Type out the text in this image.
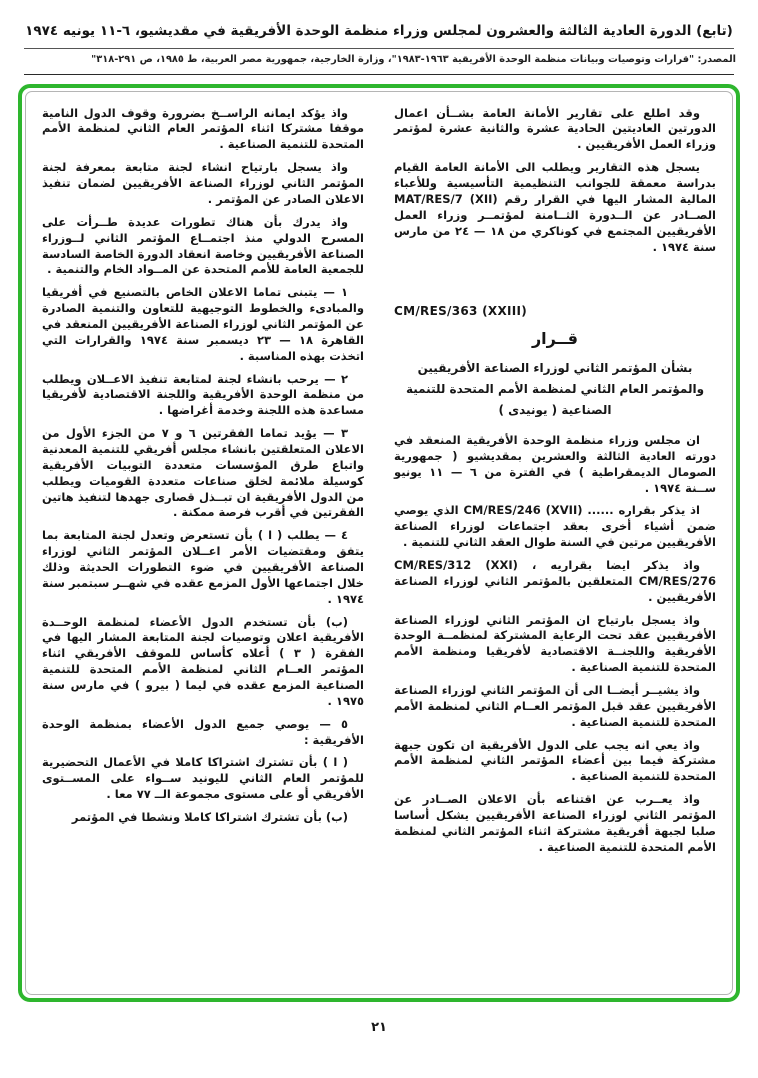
(تابع) الدورة العادية الثالثة والعشرون لمجلس وزراء منظمة الوحدة الأفريقية في مقديشيو، ٦-١١ يونيه ١٩٧٤
المصدر: "قرارات وتوصيات وبيانات منظمة الوحدة الأفريقية ١٩٦٣-١٩٨٣"، وزارة الخارجية، جمهورية مصر العربية، ط ١٩٨٥، ص ٢٩١-٣١٨"

وقد اطلع على تقارير الأمانة العامة بشــأن اعمال الدورتين العاديتين الحادية عشرة والثانية عشرة لمؤتمر وزراء العمل الأفريقيين .

يسجل هذه التقارير ويطلب الى الأمانة العامة القيام بدراسة معمقة للجوانب التنظيمية التأسيسية وللأعباء المالية المشار اليها في القرار رقم MAT/RES/7 (XII) الصــادر عن الــدورة الثــامنة لمؤتمــر وزراء العمل الأفريقيين المجتمع في كوناكري من ١٨ — ٢٤ من مارس سنة ١٩٧٤ .

CM/RES/363 (XXIII)
قــرار
بشأن المؤتمر الثاني لوزراء الصناعة الأفريقيين والمؤتمر العام الثاني لمنظمة الأمم المتحدة للتنمية الصناعية ( يونيدى )

ان مجلس وزراء منظمة الوحدة الأفريقية المنعقد في دورته العادية الثالثة والعشرين بمقديشيو ( جمهورية الصومال الديمقراطية ) في الفترة من ٦ — ١١ يونيو ســنة ١٩٧٤ .

اذ يذكر بقراره ...... CM/RES/246 (XVII) الذي يوصي ضمن أشياء أخرى بعقد اجتماعات لوزراء الصناعة الأفريقيين مرتين في السنة طوال العقد الثاني للتنمية .

واذ يذكر ايضا بقراريه CM/RES/312 (XXI) ، CM/RES/276 المتعلقين بالمؤتمر الثاني لوزراء الصناعة الأفريقيين .

واذ يسجل بارتياح ان المؤتمر الثاني لوزراء الصناعة الأفريقيين عقد تحت الرعاية المشتركة لمنظمــة الوحدة الأفريقية واللجنــة الاقتصادية لأفريقيا ومنظمة الأمم المتحدة للتنمية الصناعية .

واذ يشيــر أيضــا الى أن المؤتمر الثاني لوزراء الصناعة الأفريقيين عقد قبل المؤتمر العــام الثاني لمنظمة الأمم المتحدة للتنمية الصناعية .

واذ يعي انه يجب على الدول الأفريقية ان تكون جبهة مشتركة فيما بين أعضاء المؤتمر الثاني لمنظمة الأمم المتحدة للتنمية الصناعية .

واذ يعــرب عن اقتناعه بأن الاعلان الصــادر عن المؤتمر الثاني لوزراء الصناعة الأفريقيين يشكل أساسا صلبا لجبهة أفريقية مشتركة اثناء المؤتمر الثاني لمنظمة الأمم المتحدة للتنمية الصناعية .

واذ يؤكد ايمانه الراســخ بضرورة وقوف الدول النامية موقفا مشتركا اثناء المؤتمر العام الثاني لمنظمة الأمم المتحدة للتنمية الصناعية .

واذ يسجل بارتياح انشاء لجنة متابعة بمعرفة لجنة المؤتمر الثاني لوزراء الصناعة الأفريقيين لضمان تنفيذ الاعلان الصادر عن المؤتمر .

واذ يدرك بأن هناك تطورات عديدة طــرأت على المسرح الدولي منذ اجتمــاع المؤتمر الثاني لــوزراء الصناعة الأفريقيين وخاصة انعقاد الدورة الخاصة السادسة للجمعية العامة للأمم المتحدة عن المــواد الخام والتنمية .

١ — يتبنى تماما الاعلان الخاص بالتصنيع في أفريقيا والمبادىء والخطوط التوجيهية للتعاون والتنمية الصادرة عن المؤتمر الثاني لوزراء الصناعة الأفريقيين المنعقد في القاهرة ١٨ — ٢٣ ديسمبر سنة ١٩٧٤ والقرارات التي اتخذت بهذه المناسبة .

٢ — يرحب بانشاء لجنة لمتابعة تنفيذ الاعــلان ويطلب من منظمة الوحدة الأفريقية واللجنة الاقتصادية لأفريقيا مساعدة هذه اللجنة وخدمة أغراضها .

٣ — يؤيد تماما الفقرتين ٦ و ٧ من الجزء الأول من الاعلان المتعلقتين بانشاء مجلس أفريقي للتنمية المعدنية واتباع طرق المؤسسات متعددة التوبيات الأفريقية كوسيلة ملائمة لخلق صناعات متعددة القوميات ويطلب من الدول الأفريقية ان تبــذل قصارى جهدها لتنفيذ هاتين الفقرتين في أقرب فرصة ممكنة .

٤ — يطلب ( ا ) بأن تستعرض وتعدل لجنة المتابعة بما يتفق ومقتضيات الأمر اعــلان المؤتمر الثاني لوزراء الصناعة الأفريقيين في ضوء التطورات الحديثة وذلك خلال اجتماعها الأول المزمع عقده في شهــر سبتمبر سنة ١٩٧٤ .

(ب) بأن تستخدم الدول الأعضاء لمنظمة الوحــدة الأفريقية اعلان وتوصيات لجنة المتابعة المشار اليها في الفقرة ( ٣ ) أعلاه كأساس للموقف الأفريقي اثناء المؤتمر العــام الثاني لمنظمة الأمم المتحدة للتنمية الصناعية المزمع عقده في ليما ( بيرو ) في مارس سنة ١٩٧٥ .

٥ — يوصي جميع الدول الأعضاء بمنظمة الوحدة الأفريقية :

( ا ) بأن تشترك اشتراكا كاملا في الأعمال التحضيرية للمؤتمر العام الثاني لليونيد ســواء على المســتوى الأفريقي أو على مستوى مجموعة الــ ٧٧ معا .

(ب) بأن تشترك اشتراكا كاملا ونشطا في المؤتمر

٢١
